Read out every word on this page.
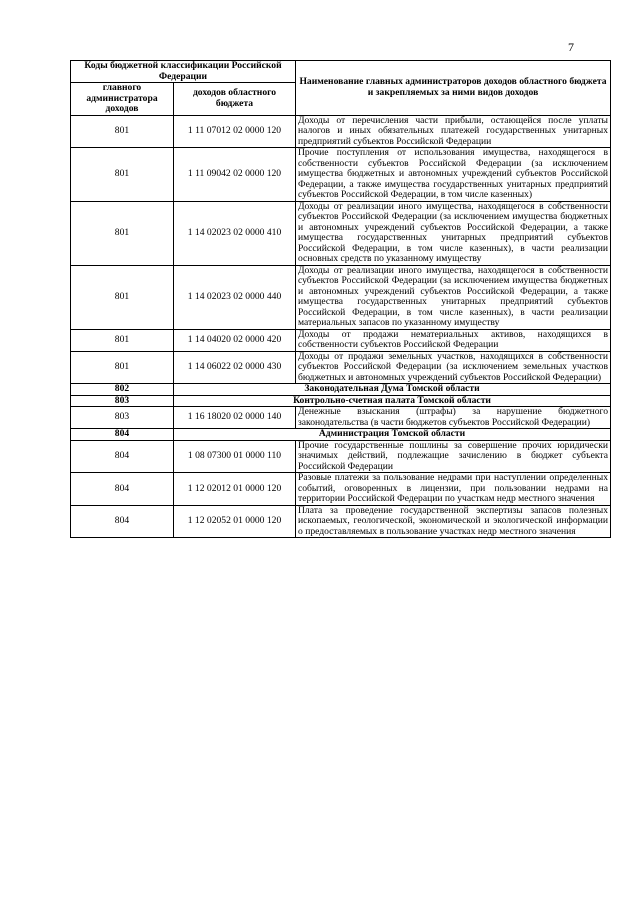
7
Коды бюджетной классификации Российской Федерации		Наименование главных администраторов доходов областного бюджета и закрепляемых за ними видов доходов
главного администратора доходов	доходов областного бюджета	
801	1 11 07012 02 0000 120	Доходы от перечисления части прибыли, остающейся после уплаты налогов и иных обязательных платежей государственных унитарных предприятий субъектов Российской Федерации
801	1 11 09042 02 0000 120	Прочие поступления от использования имущества, находящегося в собственности субъектов Российской Федерации (за исключением имущества бюджетных и автономных учреждений субъектов Российской Федерации, а также имущества государственных унитарных предприятий субъектов Российской Федерации, в том числе казенных)
801	1 14 02023 02 0000 410	Доходы от реализации иного имущества, находящегося в собственности субъектов Российской Федерации (за исключением имущества бюджетных и автономных учреждений субъектов Российской Федерации, а также имущества государственных унитарных предприятий субъектов Российской Федерации, в том числе казенных), в части реализации основных средств по указанному имуществу
801	1 14 02023 02 0000 440	Доходы от реализации иного имущества, находящегося в собственности субъектов Российской Федерации (за исключением имущества бюджетных и автономных учреждений субъектов Российской Федерации, а также имущества государственных унитарных предприятий субъектов Российской Федерации, в том числе казенных), в части реализации материальных запасов по указанному имуществу
801	1 14 04020 02 0000 420	Доходы от продажи нематериальных активов, находящихся в собственности субъектов Российской Федерации
801	1 14 06022 02 0000 430	Доходы от продажи земельных участков, находящихся в собственности субъектов Российской Федерации (за исключением земельных участков бюджетных и автономных учреждений субъектов Российской Федерации)
802	Законодательная Дума Томской области	
803	Контрольно-счетная палата Томской области	
803	1 16 18020 02 0000 140	Денежные взыскания (штрафы) за нарушение бюджетного законодательства (в части бюджетов субъектов Российской Федерации)
804	Администрация Томской области	
804	1 08 07300 01 0000 110	Прочие государственные пошлины за совершение прочих юридически значимых действий, подлежащие зачислению в бюджет субъекта Российской Федерации
804	1 12 02012 01 0000 120	Разовые платежи за пользование недрами при наступлении определенных событий, оговоренных в лицензии, при пользовании недрами на территории Российской Федерации по участкам недр местного значения
804	1 12 02052 01 0000 120	Плата за проведение государственной экспертизы запасов полезных ископаемых, геологической, экономической и экологической информации о предоставляемых в пользование участках недр местного значения
